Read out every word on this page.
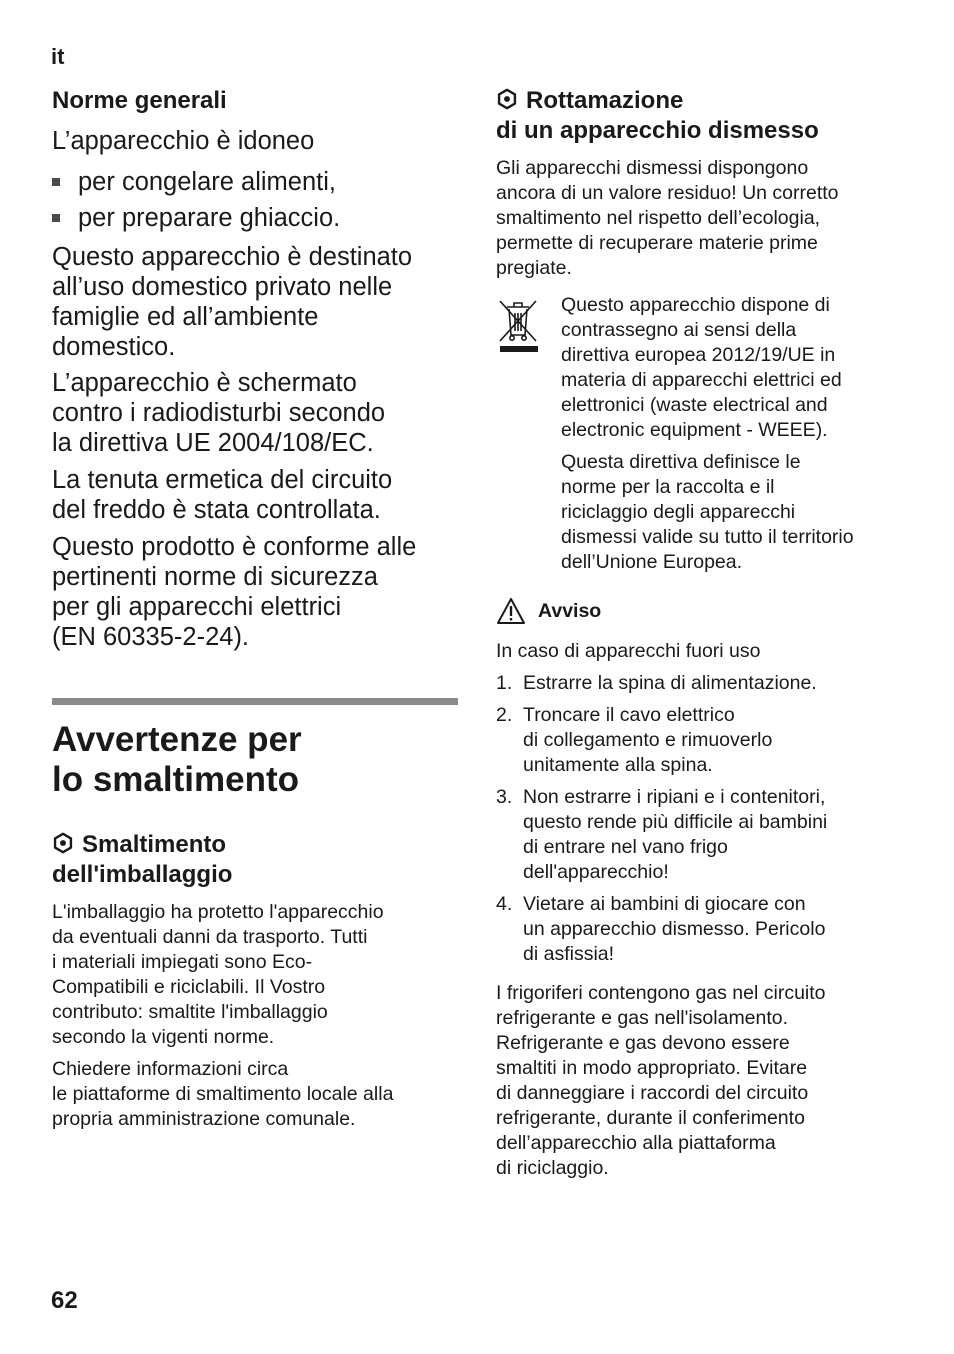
it
Norme generali

L’apparecchio è idoneo

per congelare alimenti,
per preparare ghiaccio.

Questo apparecchio è destinato
all’uso domestico privato nelle
famiglie ed all’ambiente
domestico.

L’apparecchio è schermato
contro i radiodisturbi secondo
la direttiva UE 2004/108/EC.

La tenuta ermetica del circuito
del freddo è stata controllata.

Questo prodotto è conforme alle
pertinenti norme di sicurezza
per gli apparecchi elettrici
(EN 60335-2-24).

Avvertenze per
lo smaltimento
Smaltimento
dell'imballaggio

L'imballaggio ha protetto l'apparecchio
da eventuali danni da trasporto. Tutti
i materiali impiegati sono Eco-
Compatibili e riciclabili. Il Vostro
contributo: smaltite l'imballaggio
secondo la vigenti norme.

Chiedere informazioni circa
le piattaforme di smaltimento locale alla
propria amministrazione comunale.

Rottamazione
di un apparecchio dismesso

Gli apparecchi dismessi dispongono
ancora di un valore residuo! Un corretto
smaltimento nel rispetto dell’ecologia,
permette di recuperare materie prime
pregiate.

Questo apparecchio dispone di
contrassegno ai sensi della
direttiva europea 2012/19/UE in
materia di apparecchi elettrici ed
elettronici (waste electrical and
electronic equipment - WEEE).

Questa direttiva definisce le
norme per la raccolta e il
riciclaggio degli apparecchi
dismessi valide su tutto il territorio
dell’Unione Europea.

Avviso

In caso di apparecchi fuori uso

1. Estrarre la spina di alimentazione.
2. Troncare il cavo elettrico
di collegamento e rimuoverlo
unitamente alla spina.
3. Non estrarre i ripiani e i contenitori,
questo rende più difficile ai bambini
di entrare nel vano frigo
dell'apparecchio!
4. Vietare ai bambini di giocare con
un apparecchio dismesso. Pericolo
di asfissia!

I frigoriferi contengono gas nel circuito
refrigerante e gas nell'isolamento.
Refrigerante e gas devono essere
smaltiti in modo appropriato. Evitare
di danneggiare i raccordi del circuito
refrigerante, durante il conferimento
dell’apparecchio alla piattaforma
di riciclaggio.

62
